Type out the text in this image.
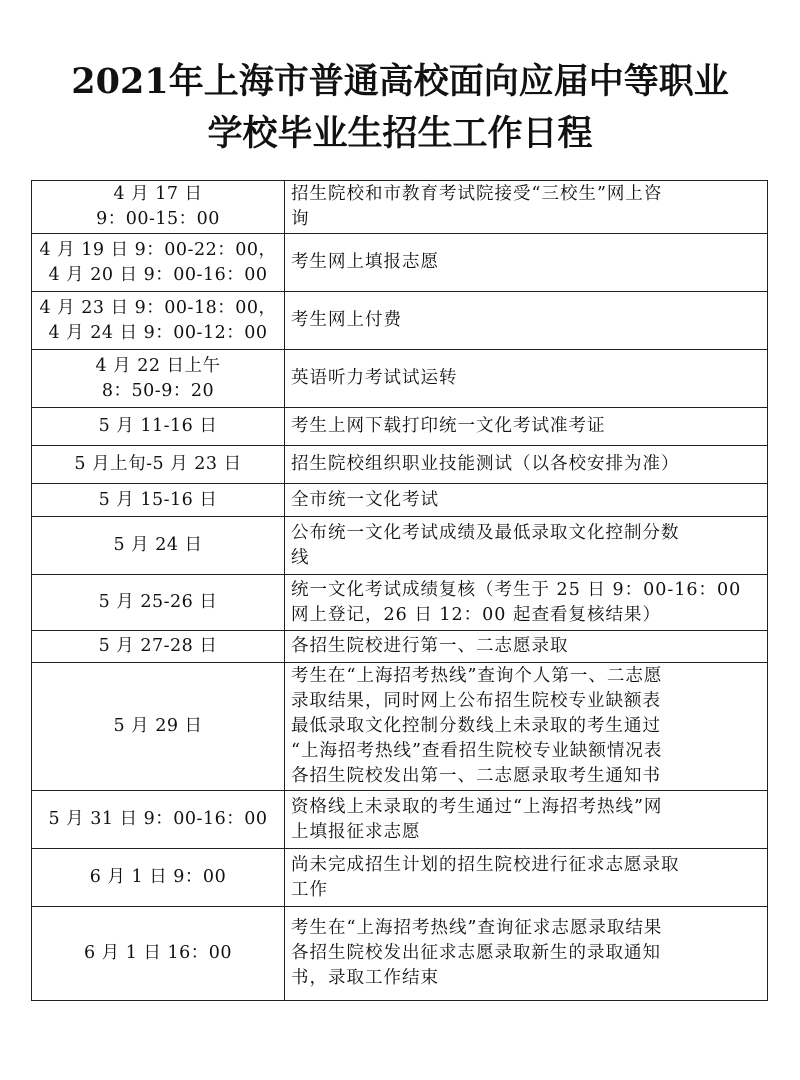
2021年上海市普通高校面向应届中等职业
学校毕业生招生工作日程
4 月 17 日
9：00-15：00	招生院校和市教育考试院接受“三校生”网上咨
询

4 月 19 日 9：00-22：00，
4 月 20 日 9：00-16：00	考生网上填报志愿

4 月 23 日 9：00-18：00，
4 月 24 日 9：00-12：00	考生网上付费

4 月 22 日上午
8：50-9：20	英语听力考试试运转

5 月 11-16 日	考生上网下载打印统一文化考试准考证

5 月上旬-5 月 23 日	招生院校组织职业技能测试（以各校安排为准）

5 月 15-16 日	全市统一文化考试

5 月 24 日	公布统一文化考试成绩及最低录取文化控制分数
线

5 月 25-26 日	统一文化考试成绩复核（考生于 25 日 9：00-16：00
网上登记，26 日 12：00 起查看复核结果）

5 月 27-28 日	各招生院校进行第一、二志愿录取

5 月 29 日	考生在“上海招考热线”查询个人第一、二志愿
录取结果，同时网上公布招生院校专业缺额表
最低录取文化控制分数线上未录取的考生通过
“上海招考热线”查看招生院校专业缺额情况表
各招生院校发出第一、二志愿录取考生通知书

5 月 31 日 9：00-16：00	资格线上未录取的考生通过“上海招考热线”网
上填报征求志愿

6 月 1 日 9：00	尚未完成招生计划的招生院校进行征求志愿录取
工作

6 月 1 日 16：00	考生在“上海招考热线”查询征求志愿录取结果
各招生院校发出征求志愿录取新生的录取通知
书，录取工作结束
